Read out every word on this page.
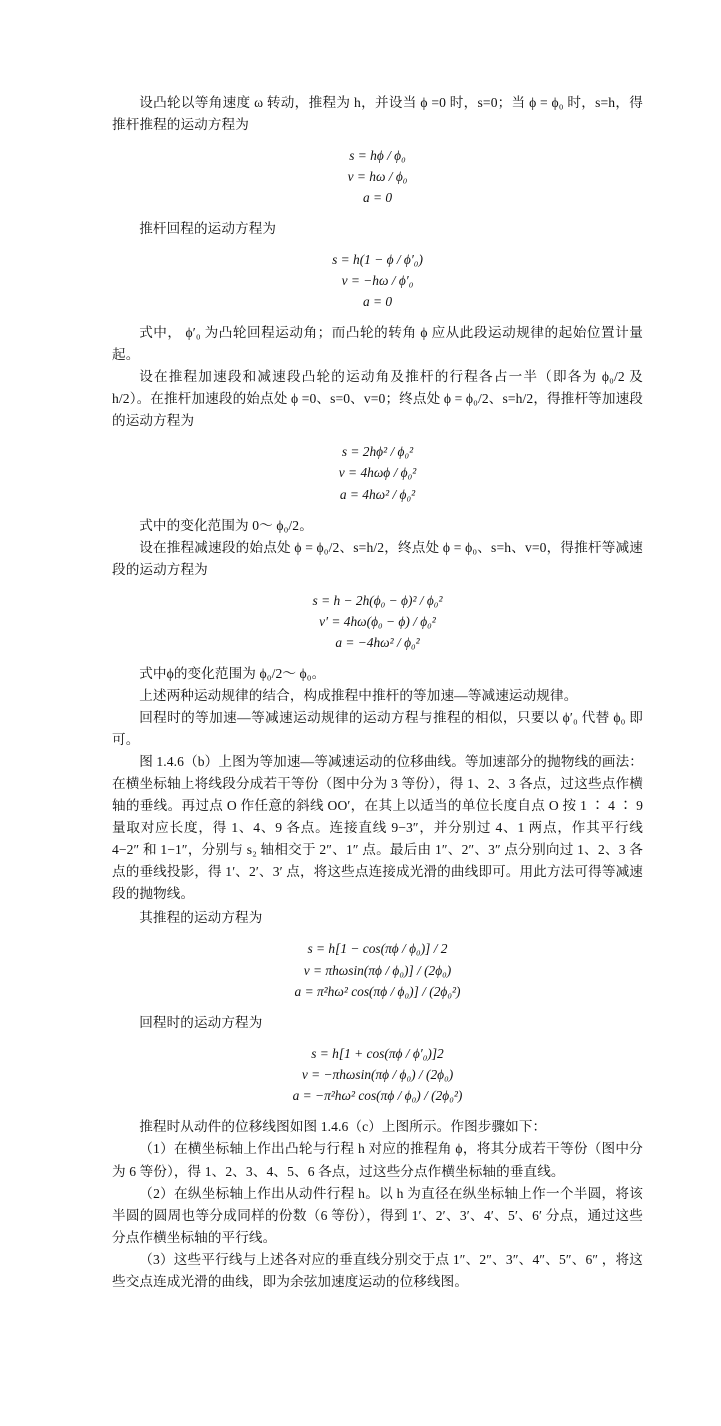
设凸轮以等角速度 ω 转动，推程为 h，并设当 ϕ =0 时，s=0；当 ϕ = ϕ₀ 时，s=h，得推杆推程的运动方程为

s = hϕ / ϕ₀
v = hω / ϕ₀
a = 0

推杆回程的运动方程为

s = h(1 − ϕ / ϕ′₀)
v = −hω / ϕ′₀
a = 0

式中， ϕ′₀ 为凸轮回程运动角；而凸轮的转角 ϕ 应从此段运动规律的起始位置计量起。

设在推程加速段和减速段凸轮的运动角及推杆的行程各占一半（即各为 ϕ₀/2 及 h/2）。在推杆加速段的始点处 ϕ =0、s=0、v=0；终点处 ϕ = ϕ₀/2、s=h/2，得推杆等加速段的运动方程为

s = 2hϕ² / ϕ₀²
v = 4hωϕ / ϕ₀²
a = 4hω² / ϕ₀²

式中的变化范围为 0～ ϕ₀/2。

设在推程减速段的始点处 ϕ = ϕ₀/2、s=h/2，终点处 ϕ = ϕ₀、s=h、v=0，得推杆等减速段的运动方程为

s = h − 2h(ϕ₀ − ϕ)² / ϕ₀²
v′ = 4hω(ϕ₀ − ϕ) / ϕ₀²
a = −4hω² / ϕ₀²

式中ϕ的变化范围为 ϕ₀/2～ ϕ₀。

上述两种运动规律的结合，构成推程中推杆的等加速—等减速运动规律。

回程时的等加速—等减速运动规律的运动方程与推程的相似，只要以 ϕ′₀ 代替 ϕ₀ 即可。

图 1.4.6（b）上图为等加速—等减速运动的位移曲线。等加速部分的抛物线的画法：在横坐标轴上将线段分成若干等份（图中分为 3 等份），得 1、2、3 各点，过这些点作横轴的垂线。再过点 O 作任意的斜线 OO′，在其上以适当的单位长度自点 O 按 1 ∶ 4 ∶ 9 量取对应长度，得 1、4、9 各点。连接直线 9−3″，并分别过 4、1 两点，作其平行线 4−2″ 和 1−1″，分别与 s₂ 轴相交于 2″、1″ 点。最后由 1″、2″、3″ 点分别向过 1、2、3 各点的垂线投影，得 1′、2′、3′ 点，将这些点连接成光滑的曲线即可。用此方法可得等减速段的抛物线。

其推程的运动方程为

s = h[1 − cos(πϕ / ϕ₀)] / 2
v = πhωsin(πϕ / ϕ₀)] / (2ϕ₀)
a = π²hω² cos(πϕ / ϕ₀)] / (2ϕ₀²)

回程时的运动方程为

s = h[1 + cos(πϕ / ϕ′₀)]2
v = −πhωsin(πϕ / ϕ₀) / (2ϕ₀)
a = −π²hω² cos(πϕ / ϕ₀) / (2ϕ₀²)

推程时从动件的位移线图如图 1.4.6（c）上图所示。作图步骤如下：

（1）在横坐标轴上作出凸轮与行程 h 对应的推程角 ϕ，将其分成若干等份（图中分为 6 等份），得 1、2、3、4、5、6 各点，过这些分点作横坐标轴的垂直线。

（2）在纵坐标轴上作出从动件行程 h。以 h 为直径在纵坐标轴上作一个半圆，将该半圆的圆周也等分成同样的份数（6 等份），得到 1′、2′、3′、4′、5′、6′ 分点，通过这些分点作横坐标轴的平行线。

（3）这些平行线与上述各对应的垂直线分别交于点 1″、2″、3″、4″、5″、6″ ，将这些交点连成光滑的曲线，即为余弦加速度运动的位移线图。
